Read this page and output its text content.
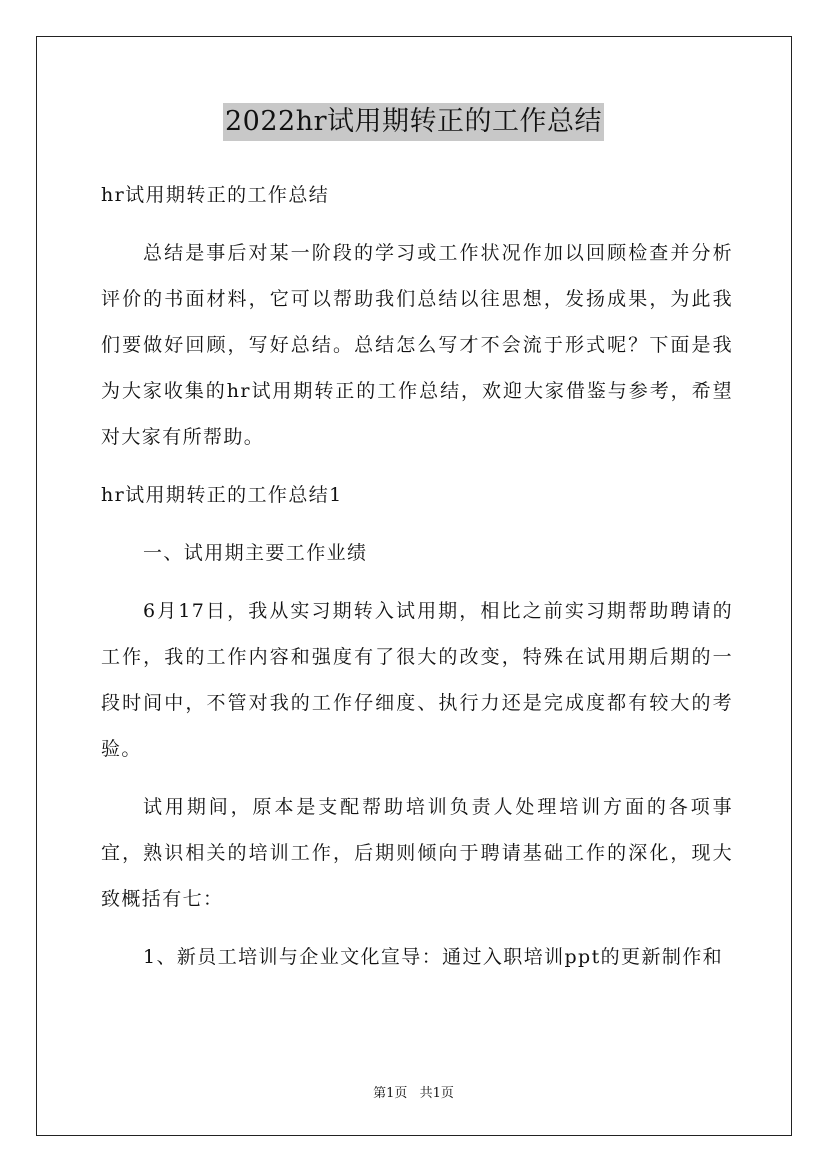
2022hr试用期转正的工作总结

hr试用期转正的工作总结

总结是事后对某一阶段的学习或工作状况作加以回顾检查并分析评价的书面材料，它可以帮助我们总结以往思想，发扬成果，为此我们要做好回顾，写好总结。总结怎么写才不会流于形式呢？下面是我为大家收集的hr试用期转正的工作总结，欢迎大家借鉴与参考，希望对大家有所帮助。

hr试用期转正的工作总结1

一、试用期主要工作业绩

6月17日，我从实习期转入试用期，相比之前实习期帮助聘请的工作，我的工作内容和强度有了很大的改变，特殊在试用期后期的一段时间中，不管对我的工作仔细度、执行力还是完成度都有较大的考验。

试用期间，原本是支配帮助培训负责人处理培训方面的各项事宜，熟识相关的培训工作，后期则倾向于聘请基础工作的深化，现大致概括有七：

1、新员工培训与企业文化宣导：通过入职培训ppt的更新制作和

第1页 共1页
